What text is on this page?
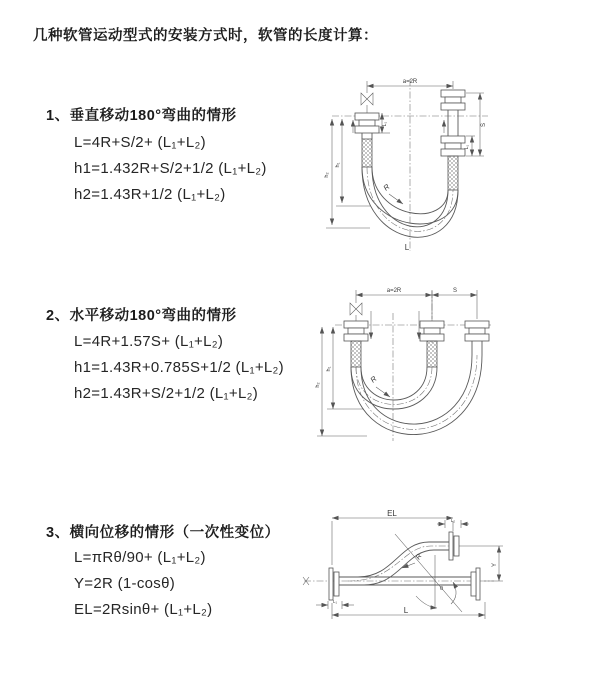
几种软管运动型式的安装方式时，软管的长度计算：
1、垂直移动180°弯曲的情形
L=4R+S/2+ (L₁+L₂)
h1=1.432R+S/2+1/2 (L₁+L₂)
h2=1.43R+1/2 (L₁+L₂)
2、水平移动180°弯曲的情形
L=4R+1.57S+ (L₁+L₂)
h1=1.43R+0.785S+1/2 (L₁+L₂)
h2=1.43R+S/2+1/2 (L₁+L₂)
3、横向位移的情形（一次性变位）
L=πRθ/90+ (L₁+L₂)
Y=2R (1-cosθ)
EL=2Rsinθ+ (L₁+L₂)
a=2R
R
h₂
h₁
L₁	S
L₁
L
a=2R	S
h₂
h₁
R
EL
L₂
R
θ
Y
L₁
L
